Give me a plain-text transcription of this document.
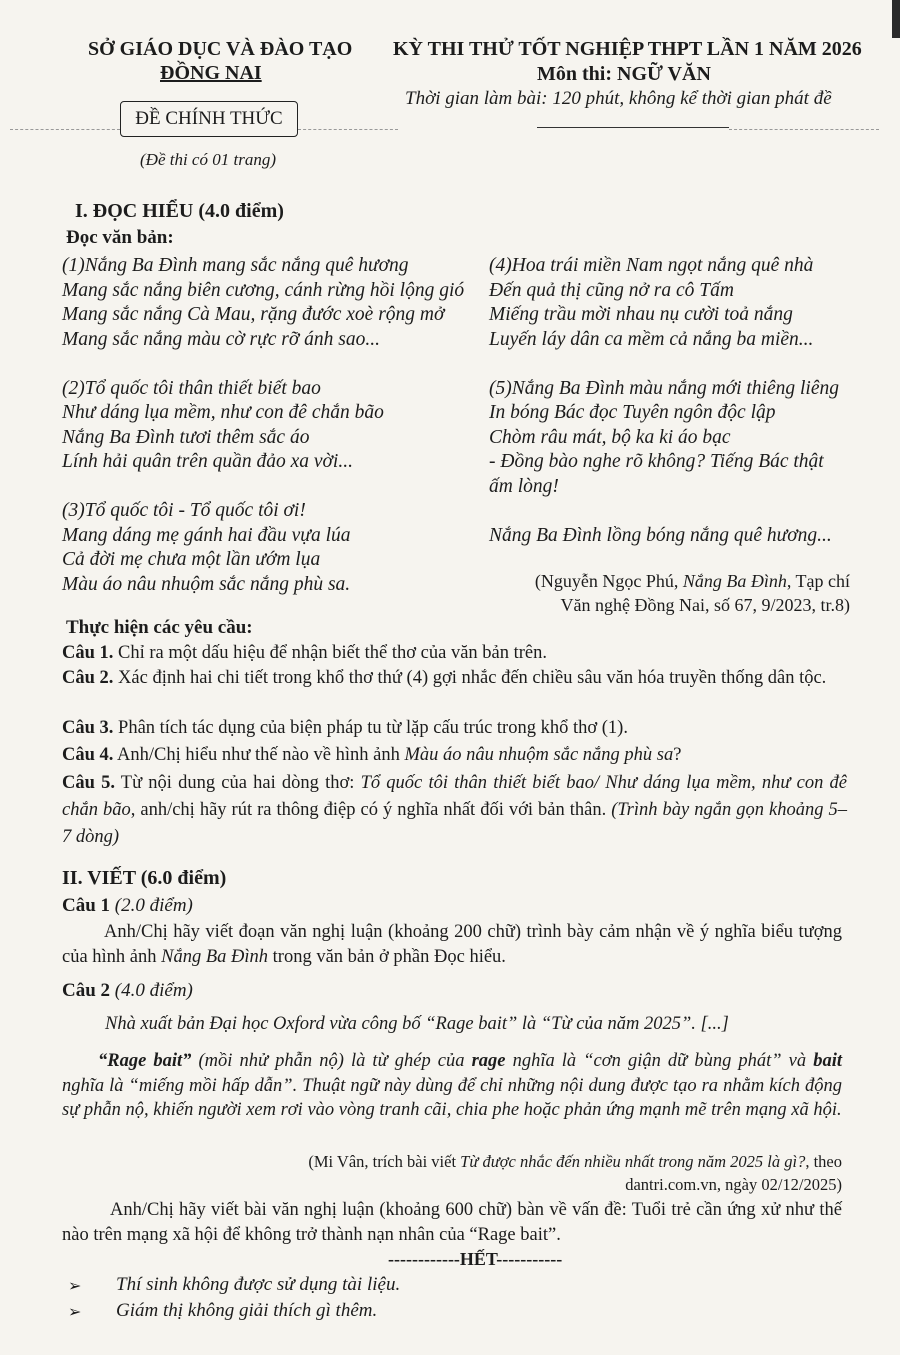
SỞ GIÁO DỤC VÀ ĐÀO TẠO
ĐỒNG NAI
ĐỀ CHÍNH THỨC
(Đề thi có 01 trang)
KỲ THI THỬ TỐT NGHIỆP THPT LẦN 1 NĂM 2026
Môn thi: NGỮ VĂN
Thời gian làm bài: 120 phút, không kể thời gian phát đề
I. ĐỌC HIỂU (4.0 điểm)
Đọc văn bản:
(1)Nắng Ba Đình mang sắc nắng quê hương
Mang sắc nắng biên cương, cánh rừng hồi lộng gió
Mang sắc nắng Cà Mau, rặng đước xoè rộng mở
Mang sắc nắng màu cờ rực rỡ ánh sao...
(2)Tổ quốc tôi thân thiết biết bao
Như dáng lụa mềm, như con đê chắn bão
Nắng Ba Đình tươi thêm sắc áo
Lính hải quân trên quần đảo xa vời...
(3)Tổ quốc tôi - Tổ quốc tôi ơi!
Mang dáng mẹ gánh hai đầu vựa lúa
Cả đời mẹ chưa một lần ướm lụa
Màu áo nâu nhuộm sắc nắng phù sa.
(4)Hoa trái miền Nam ngọt nắng quê nhà
Đến quả thị cũng nở ra cô Tấm
Miếng trầu mời nhau nụ cười toả nắng
Luyến láy dân ca mềm cả nắng ba miền...
(5)Nắng Ba Đình màu nắng mới thiêng liêng
In bóng Bác đọc Tuyên ngôn độc lập
Chòm râu mát, bộ ka ki áo bạc
- Đồng bào nghe rõ không? Tiếng Bác thật
ấm lòng!
Nắng Ba Đình lồng bóng nắng quê hương...
(Nguyễn Ngọc Phú, Nắng Ba Đình, Tạp chí
Văn nghệ Đồng Nai, số 67, 9/2023, tr.8)
Thực hiện các yêu cầu:
Câu 1. Chỉ ra một dấu hiệu để nhận biết thể thơ của văn bản trên.
Câu 2. Xác định hai chi tiết trong khổ thơ thứ (4) gợi nhắc đến chiều sâu văn hóa truyền thống dân tộc.
Câu 3. Phân tích tác dụng của biện pháp tu từ lặp cấu trúc trong khổ thơ (1).
Câu 4. Anh/Chị hiểu như thế nào về hình ảnh Màu áo nâu nhuộm sắc nắng phù sa?
Câu 5. Từ nội dung của hai dòng thơ: Tổ quốc tôi thân thiết biết bao/ Như dáng lụa mềm, như con đê chắn bão, anh/chị hãy rút ra thông điệp có ý nghĩa nhất đối với bản thân. (Trình bày ngắn gọn khoảng 5–7 dòng)
II. VIẾT (6.0 điểm)
Câu 1 (2.0 điểm)
Anh/Chị hãy viết đoạn văn nghị luận (khoảng 200 chữ) trình bày cảm nhận về ý nghĩa biểu tượng của hình ảnh Nắng Ba Đình trong văn bản ở phần Đọc hiểu.
Câu 2 (4.0 điểm)
Nhà xuất bản Đại học Oxford vừa công bố “Rage bait” là “Từ của năm 2025”. [...]
“Rage bait” (mồi nhử phẫn nộ) là từ ghép của rage nghĩa là “cơn giận dữ bùng phát” và bait nghĩa là “miếng mồi hấp dẫn”. Thuật ngữ này dùng để chỉ những nội dung được tạo ra nhằm kích động sự phẫn nộ, khiến người xem rơi vào vòng tranh cãi, chia phe hoặc phản ứng mạnh mẽ trên mạng xã hội.
(Mi Vân, trích bài viết Từ được nhắc đến nhiều nhất trong năm 2025 là gì?, theo
dantri.com.vn, ngày 02/12/2025)
Anh/Chị hãy viết bài văn nghị luận (khoảng 600 chữ) bàn về vấn đề: Tuổi trẻ cần ứng xử như thế nào trên mạng xã hội để không trở thành nạn nhân của “Rage bait”.
------------HẾT-----------
➢ Thí sinh không được sử dụng tài liệu.
➢ Giám thị không giải thích gì thêm.
